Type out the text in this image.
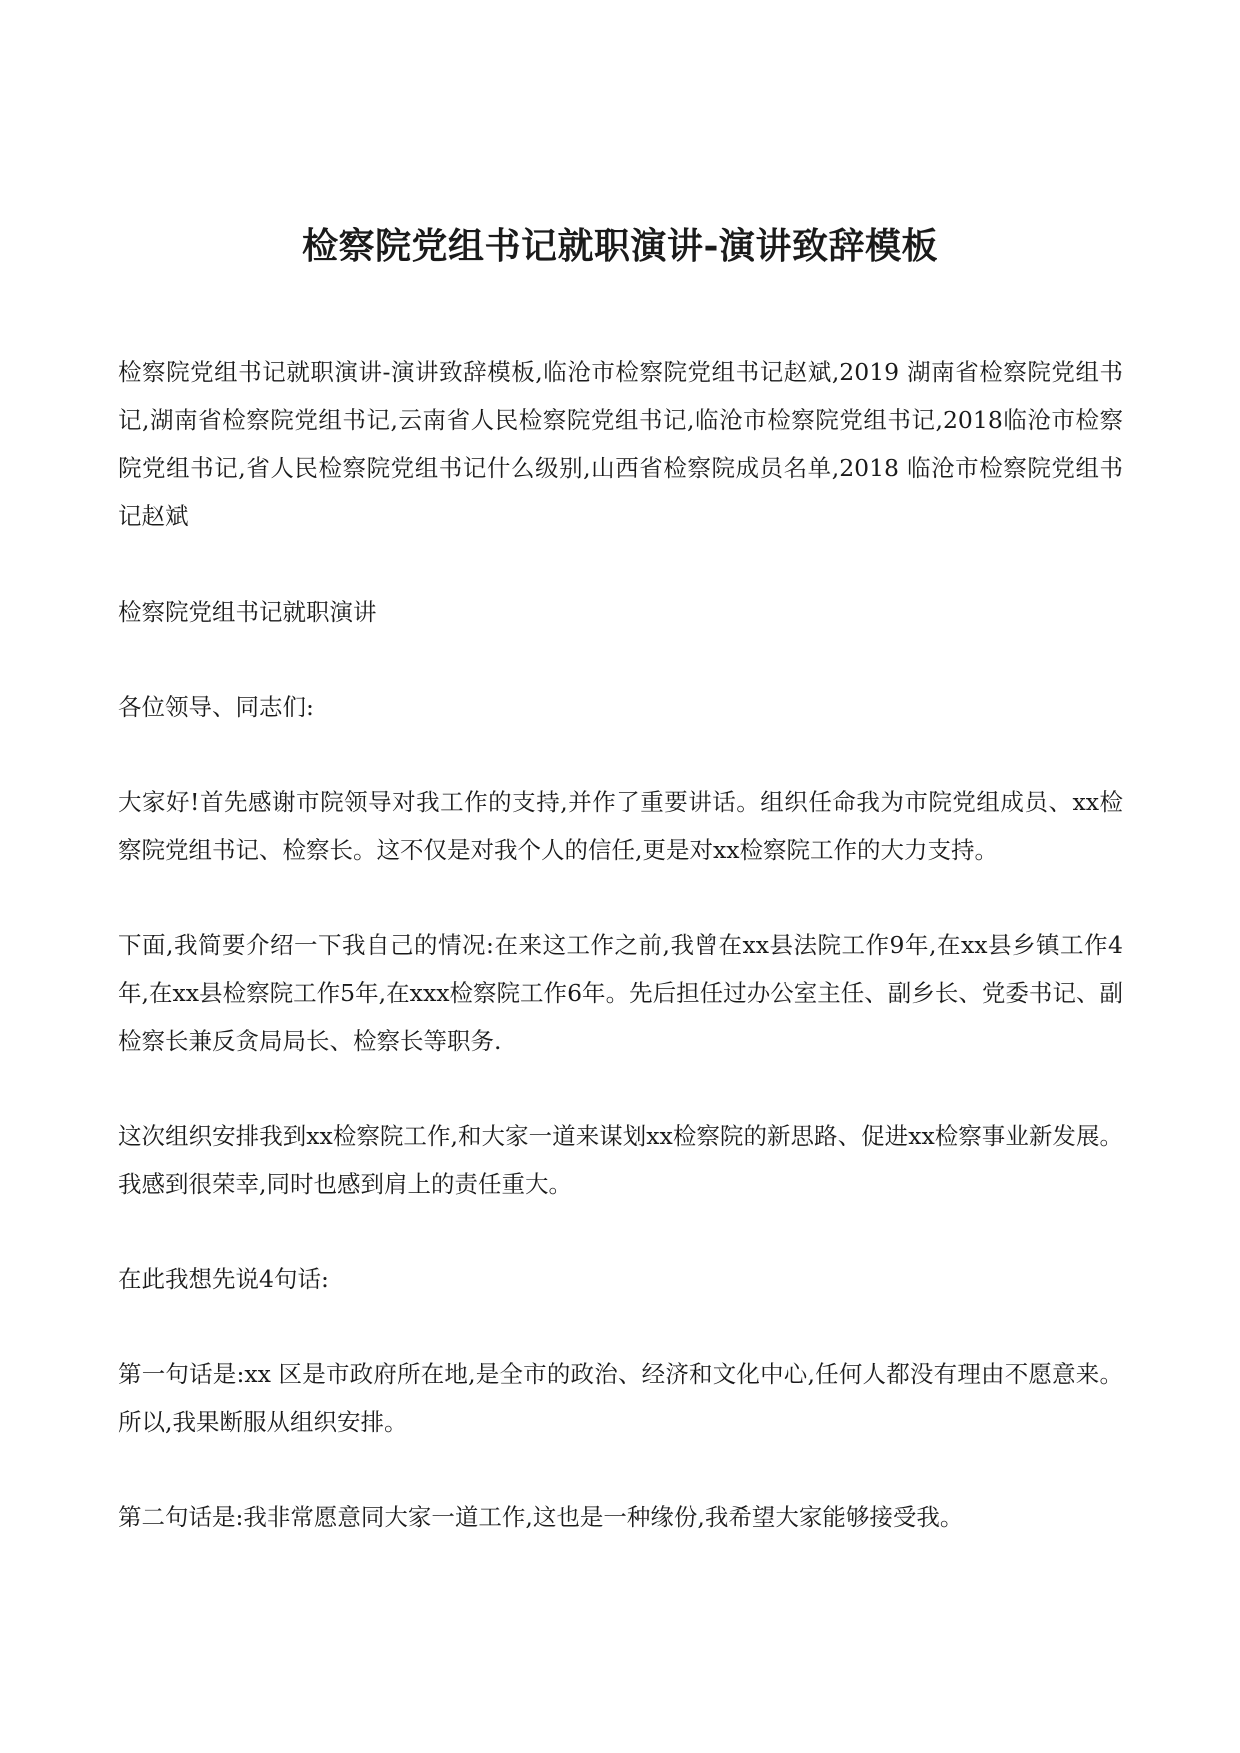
检察院党组书记就职演讲-演讲致辞模板

检察院党组书记就职演讲-演讲致辞模板,临沧市检察院党组书记赵斌,2019 湖南省检察院党组书记,湖南省检察院党组书记,云南省人民检察院党组书记,临沧市检察院党组书记,2018临沧市检察院党组书记,省人民检察院党组书记什么级别,山西省检察院成员名单,2018 临沧市检察院党组书记赵斌

检察院党组书记就职演讲

各位领导、同志们:

大家好!首先感谢市院领导对我工作的支持,并作了重要讲话。组织任命我为市院党组成员、xx检察院党组书记、检察长。这不仅是对我个人的信任,更是对xx检察院工作的大力支持。

下面,我简要介绍一下我自己的情况:在来这工作之前,我曾在xx县法院工作9年,在xx县乡镇工作4年,在xx县检察院工作5年,在xxx检察院工作6年。先后担任过办公室主任、副乡长、党委书记、副检察长兼反贪局局长、检察长等职务.

这次组织安排我到xx检察院工作,和大家一道来谋划xx检察院的新思路、促进xx检察事业新发展。我感到很荣幸,同时也感到肩上的责任重大。

在此我想先说4句话:

第一句话是:xx 区是市政府所在地,是全市的政治、经济和文化中心,任何人都没有理由不愿意来。所以,我果断服从组织安排。

第二句话是:我非常愿意同大家一道工作,这也是一种缘份,我希望大家能够接受我。
